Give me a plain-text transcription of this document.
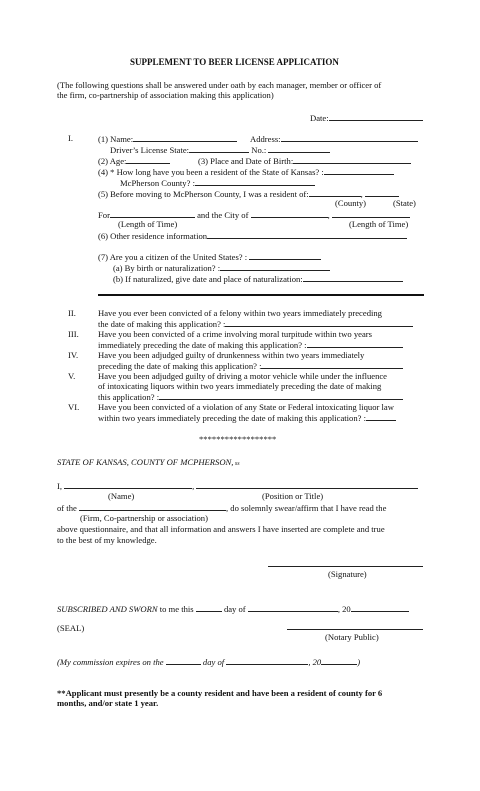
SUPPLEMENT TO BEER LICENSE APPLICATION
(The following questions shall be answered under oath by each manager, member or officer of
the firm, co-partnership of association making this application)
Date:
I.	(1) Name:	Address:
Driver’s License State:	No.:
(2) Age:	(3) Place and Date of Birth:
(4) * How long have you been a resident of the State of Kansas? :
McPherson County? :
(5) Before moving to McPherson County, I was a resident of:	,
(County)	(State)
For	and the City of	,
(Length of Time)	(Length of Time)
(6) Other residence information
(7) Are you a citizen of the United States? :
(a) By birth or naturalization? :
(b) If naturalized, give date and place of naturalization:
II.	Have you ever been convicted of a felony within two years immediately preceding
the date of making this application? :
III. Have you been convicted of a crime involving moral turpitude within two years
immediately preceding the date of making this application? :
IV. Have you been adjudged guilty of drunkenness within two years immediately
preceding the date of making this application? :
V.	Have you been adjudged guilty of driving a motor vehicle while under the influence
of intoxicating liquors within two years immediately preceding the date of making
this application? :
VI. Have you been convicted of a violation of any State or Federal intoxicating liquor law
within two years immediately preceding the date of making this application? :
******************
STATE OF KANSAS, COUNTY OF MCPHERSON, ss
I,	,
(Name)	(Position or Title)
of the	, do solemnly swear/affirm that I have read the
(Firm, Co-partnership or association)
above questionnaire, and that all information and answers I have inserted are complete and true
to the best of my knowledge.
(Signature)
SUBSCRIBED AND SWORN to me this	day of	, 20
(SEAL)
(Notary Public)
(My commission expires on the	day of	, 20	)
**Applicant must presently be a county resident and have been a resident of county for 6
months, and/or state 1 year.
